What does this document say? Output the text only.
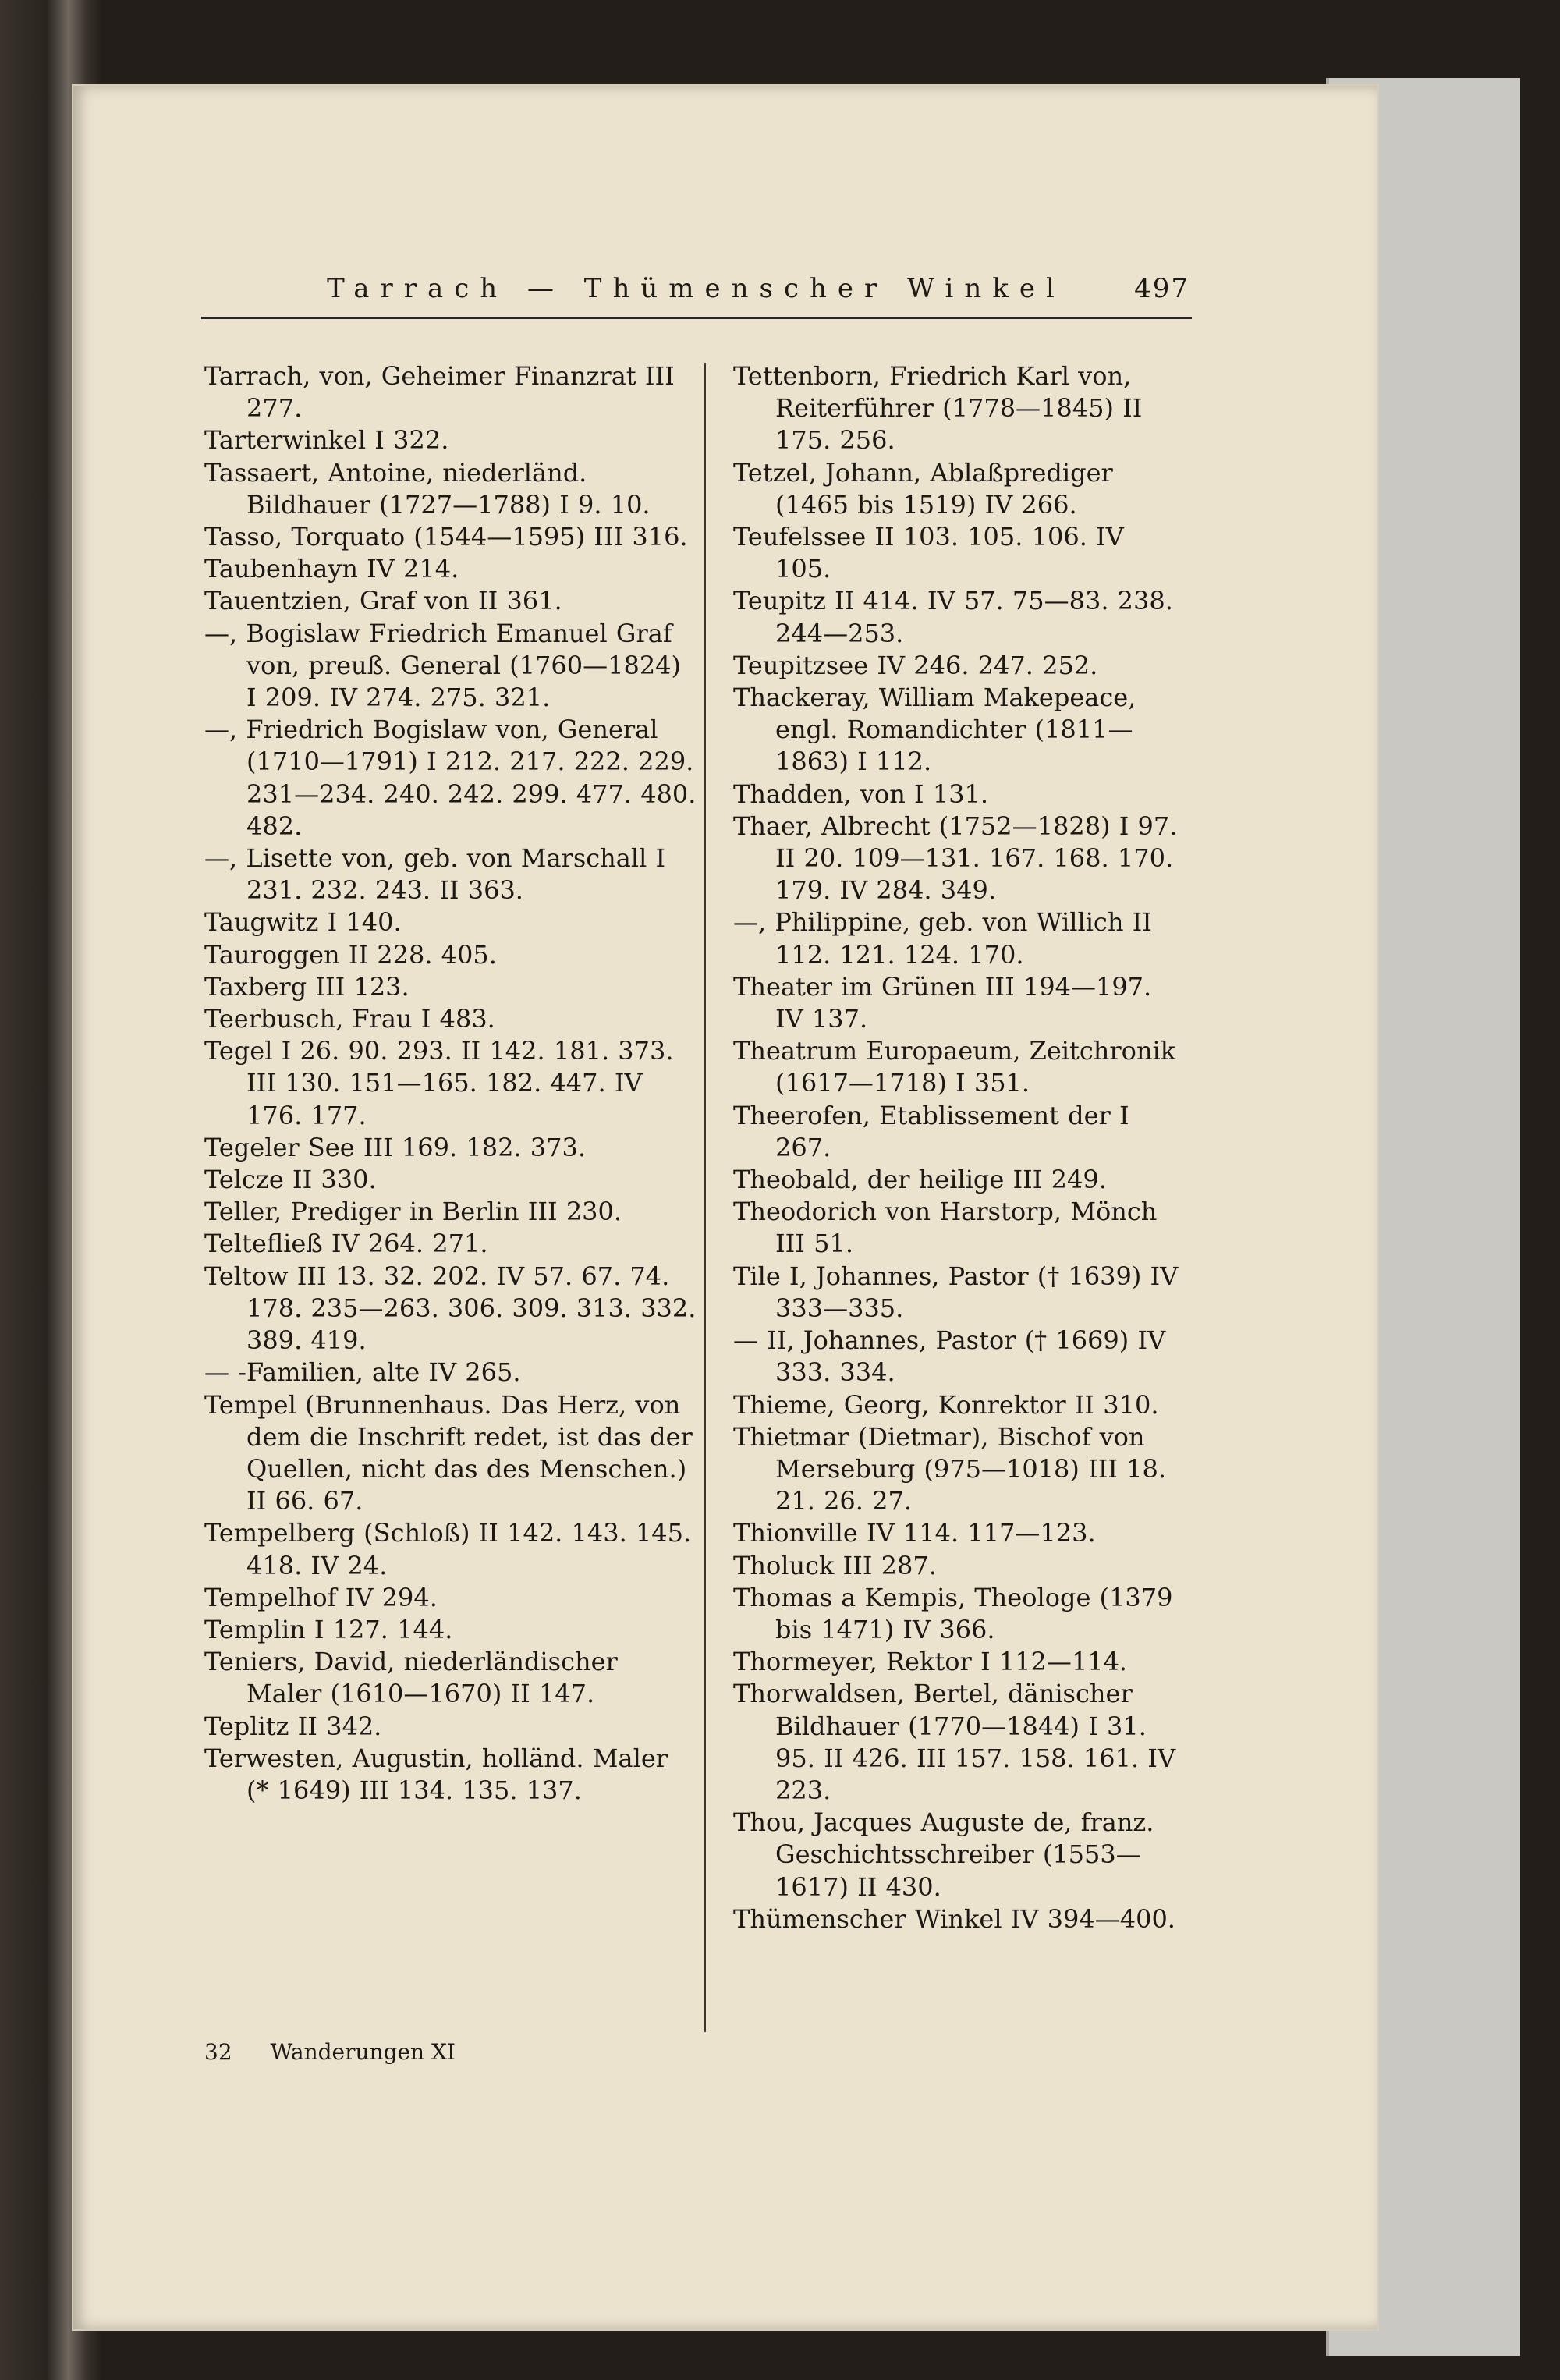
Tarrach — Thümenscher Winkel	497

Tarrach, von, Geheimer Finanzrat III 277.

Tarterwinkel I 322.

Tassaert, Antoine, niederländ. Bildhauer (1727—1788) I 9. 10.

Tasso, Torquato (1544—1595) III 316.

Taubenhayn IV 214.

Tauentzien, Graf von II 361.

—, Bogislaw Friedrich Emanuel Graf von, preuß. General (1760—1824) I 209. IV 274. 275. 321.

—, Friedrich Bogislaw von, General (1710—1791) I 212. 217. 222. 229. 231—234. 240. 242. 299. 477. 480. 482.

—, Lisette von, geb. von Marschall I 231. 232. 243. II 363.

Taugwitz I 140.

Tauroggen II 228. 405.

Taxberg III 123.

Teerbusch, Frau I 483.

Tegel I 26. 90. 293. II 142. 181. 373. III 130. 151—165. 182. 447. IV 176. 177.

Tegeler See III 169. 182. 373.

Telcze II 330.

Teller, Prediger in Berlin III 230.

Teltefließ IV 264. 271.

Teltow III 13. 32. 202. IV 57. 67. 74. 178. 235—263. 306. 309. 313. 332. 389. 419.

— -Familien, alte IV 265.

Tempel (Brunnenhaus. Das Herz, von dem die Inschrift redet, ist das der Quellen, nicht das des Menschen.) II 66. 67.

Tempelberg (Schloß) II 142. 143. 145. 418. IV 24.

Tempelhof IV 294.

Templin I 127. 144.

Teniers, David, niederländischer Maler (1610—1670) II 147.

Teplitz II 342.

Terwesten, Augustin, holländ. Maler (* 1649) III 134. 135. 137.

Tettenborn, Friedrich Karl von, Reiterführer (1778—1845) II 175. 256.

Tetzel, Johann, Ablaßprediger (1465 bis 1519) IV 266.

Teufelssee II 103. 105. 106. IV 105.

Teupitz II 414. IV 57. 75—83. 238. 244—253.

Teupitzsee IV 246. 247. 252.

Thackeray, William Makepeace, engl. Romandichter (1811—1863) I 112.

Thadden, von I 131.

Thaer, Albrecht (1752—1828) I 97. II 20. 109—131. 167. 168. 170. 179. IV 284. 349.

—, Philippine, geb. von Willich II 112. 121. 124. 170.

Theater im Grünen III 194—197. IV 137.

Theatrum Europaeum, Zeitchronik (1617—1718) I 351.

Theerofen, Etablissement der I 267.

Theobald, der heilige III 249.

Theodorich von Harstorp, Mönch III 51.

Tile I, Johannes, Pastor († 1639) IV 333—335.

— II, Johannes, Pastor († 1669) IV 333. 334.

Thieme, Georg, Konrektor II 310.

Thietmar (Dietmar), Bischof von Merseburg (975—1018) III 18. 21. 26. 27.

Thionville IV 114. 117—123.

Tholuck III 287.

Thomas a Kempis, Theologe (1379 bis 1471) IV 366.

Thormeyer, Rektor I 112—114.

Thorwaldsen, Bertel, dänischer Bildhauer (1770—1844) I 31. 95. II 426. III 157. 158. 161. IV 223.

Thou, Jacques Auguste de, franz. Geschichtsschreiber (1553—1617) II 430.

Thümenscher Winkel IV 394—400.

32 Wanderungen XI
